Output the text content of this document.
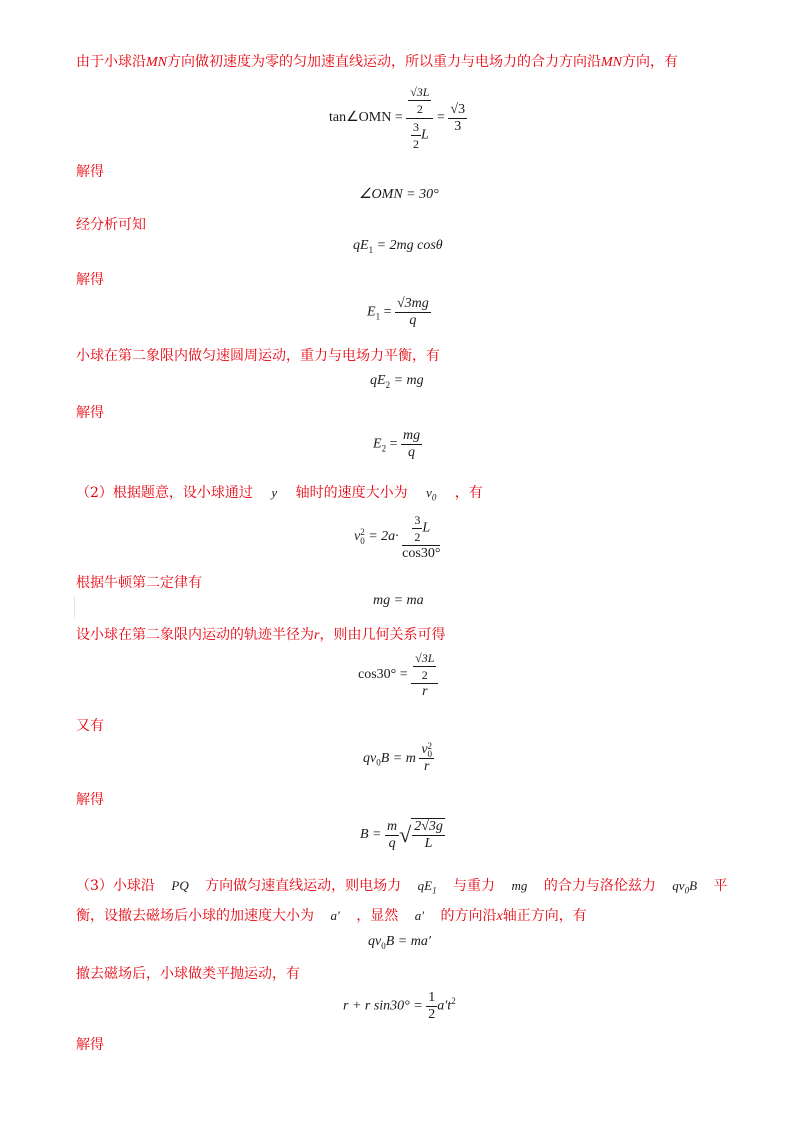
由于小球沿MN方向做初速度为零的匀加速直线运动，所以重力与电场力的合力方向沿MN方向，有
tan∠OMN = $\frac{\frac{√3L}{2}}{\frac{3}{2} L} = \frac{√3}{3}$
解得
∠OMN = 30°
经分析可知
$qE_1 = 2mg$ cosθ
解得
$E_1 = \frac{√3mg}{q}$
小球在第二象限内做匀速圆周运动，重力与电场力平衡，有
$qE_2$ = mg
解得
$E_2 = \frac{mg}{q}$
（2）根据题意，设小球通过 y 轴时的速度大小为 $v_0$ ，有
v 2
$0 = 2a\cdot \frac{\frac{3}{2} L}{\cos 30^\circ}$
根据牛顿第二定律有
mg = ma
设小球在第二象限内运动的轨迹半径为r，则由几何关系可得
$\cos 30^\circ = \frac{\frac{√3L}{2}}{r}$
又有
$qv_0B = m$ v 2
0
r
解得
$B = \frac{m}{q}$ √ $\frac{2√3g}{L}$
（3）小球沿 PQ 方向做匀速直线运动，则电场力 $qE_1$ 与重力 mg 的合力与洛伦兹力 $qv_0B$ 平
衡，设撤去磁场后小球的加速度大小为 a′ ，显然 a′ 的方向沿x轴正方向，有
$qv_0B = ma'$
撤去磁场后，小球做类平抛运动，有
r + r $\sin 30^\circ = \frac{1}{2} a't^2$
解得
